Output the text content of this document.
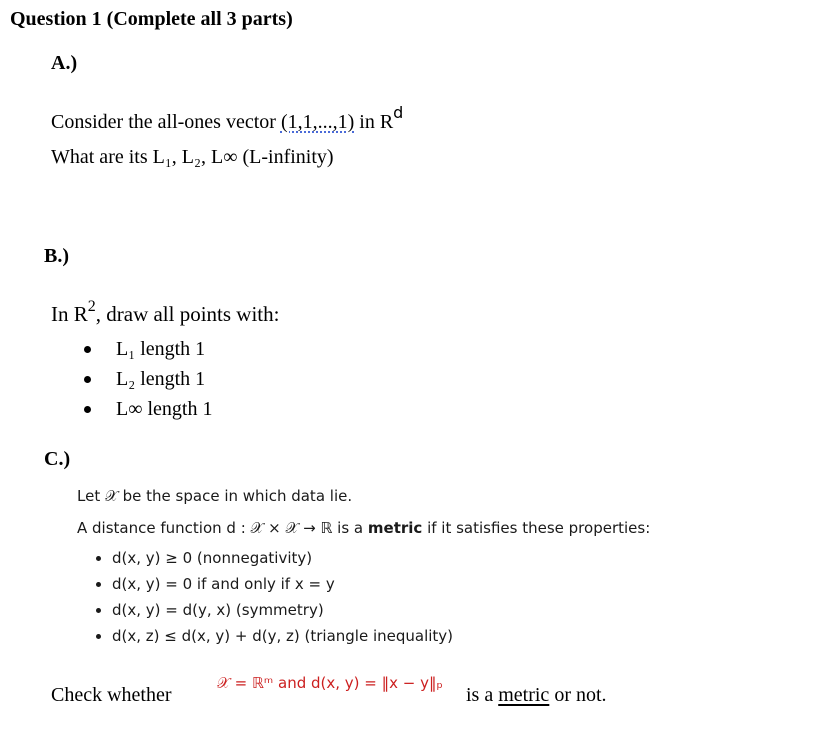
Question 1 (Complete all 3 parts)
A.)
Consider the all-ones vector (1,1,...,1) in $R^d$
What are its L₁, L₂, L∞ (L-infinity)
B.)
In $R^2$, draw all points with:
L₁ length 1
L₂ length 1
L∞ length 1
C.)
Let 𝒳 be the space in which data lie.
A distance function d : 𝒳 × 𝒳 → ℝ is a metric if it satisfies these properties:
d(x, y) ≥ 0 (nonnegativity)
d(x, y) = 0 if and only if x = y
d(x, y) = d(y, x) (symmetry)
d(x, z) ≤ d(x, y) + d(y, z) (triangle inequality)
Check whether
𝒳 = ℝᵐ and d(x, y) = ‖x − y‖ₚ
is a metric or not.
